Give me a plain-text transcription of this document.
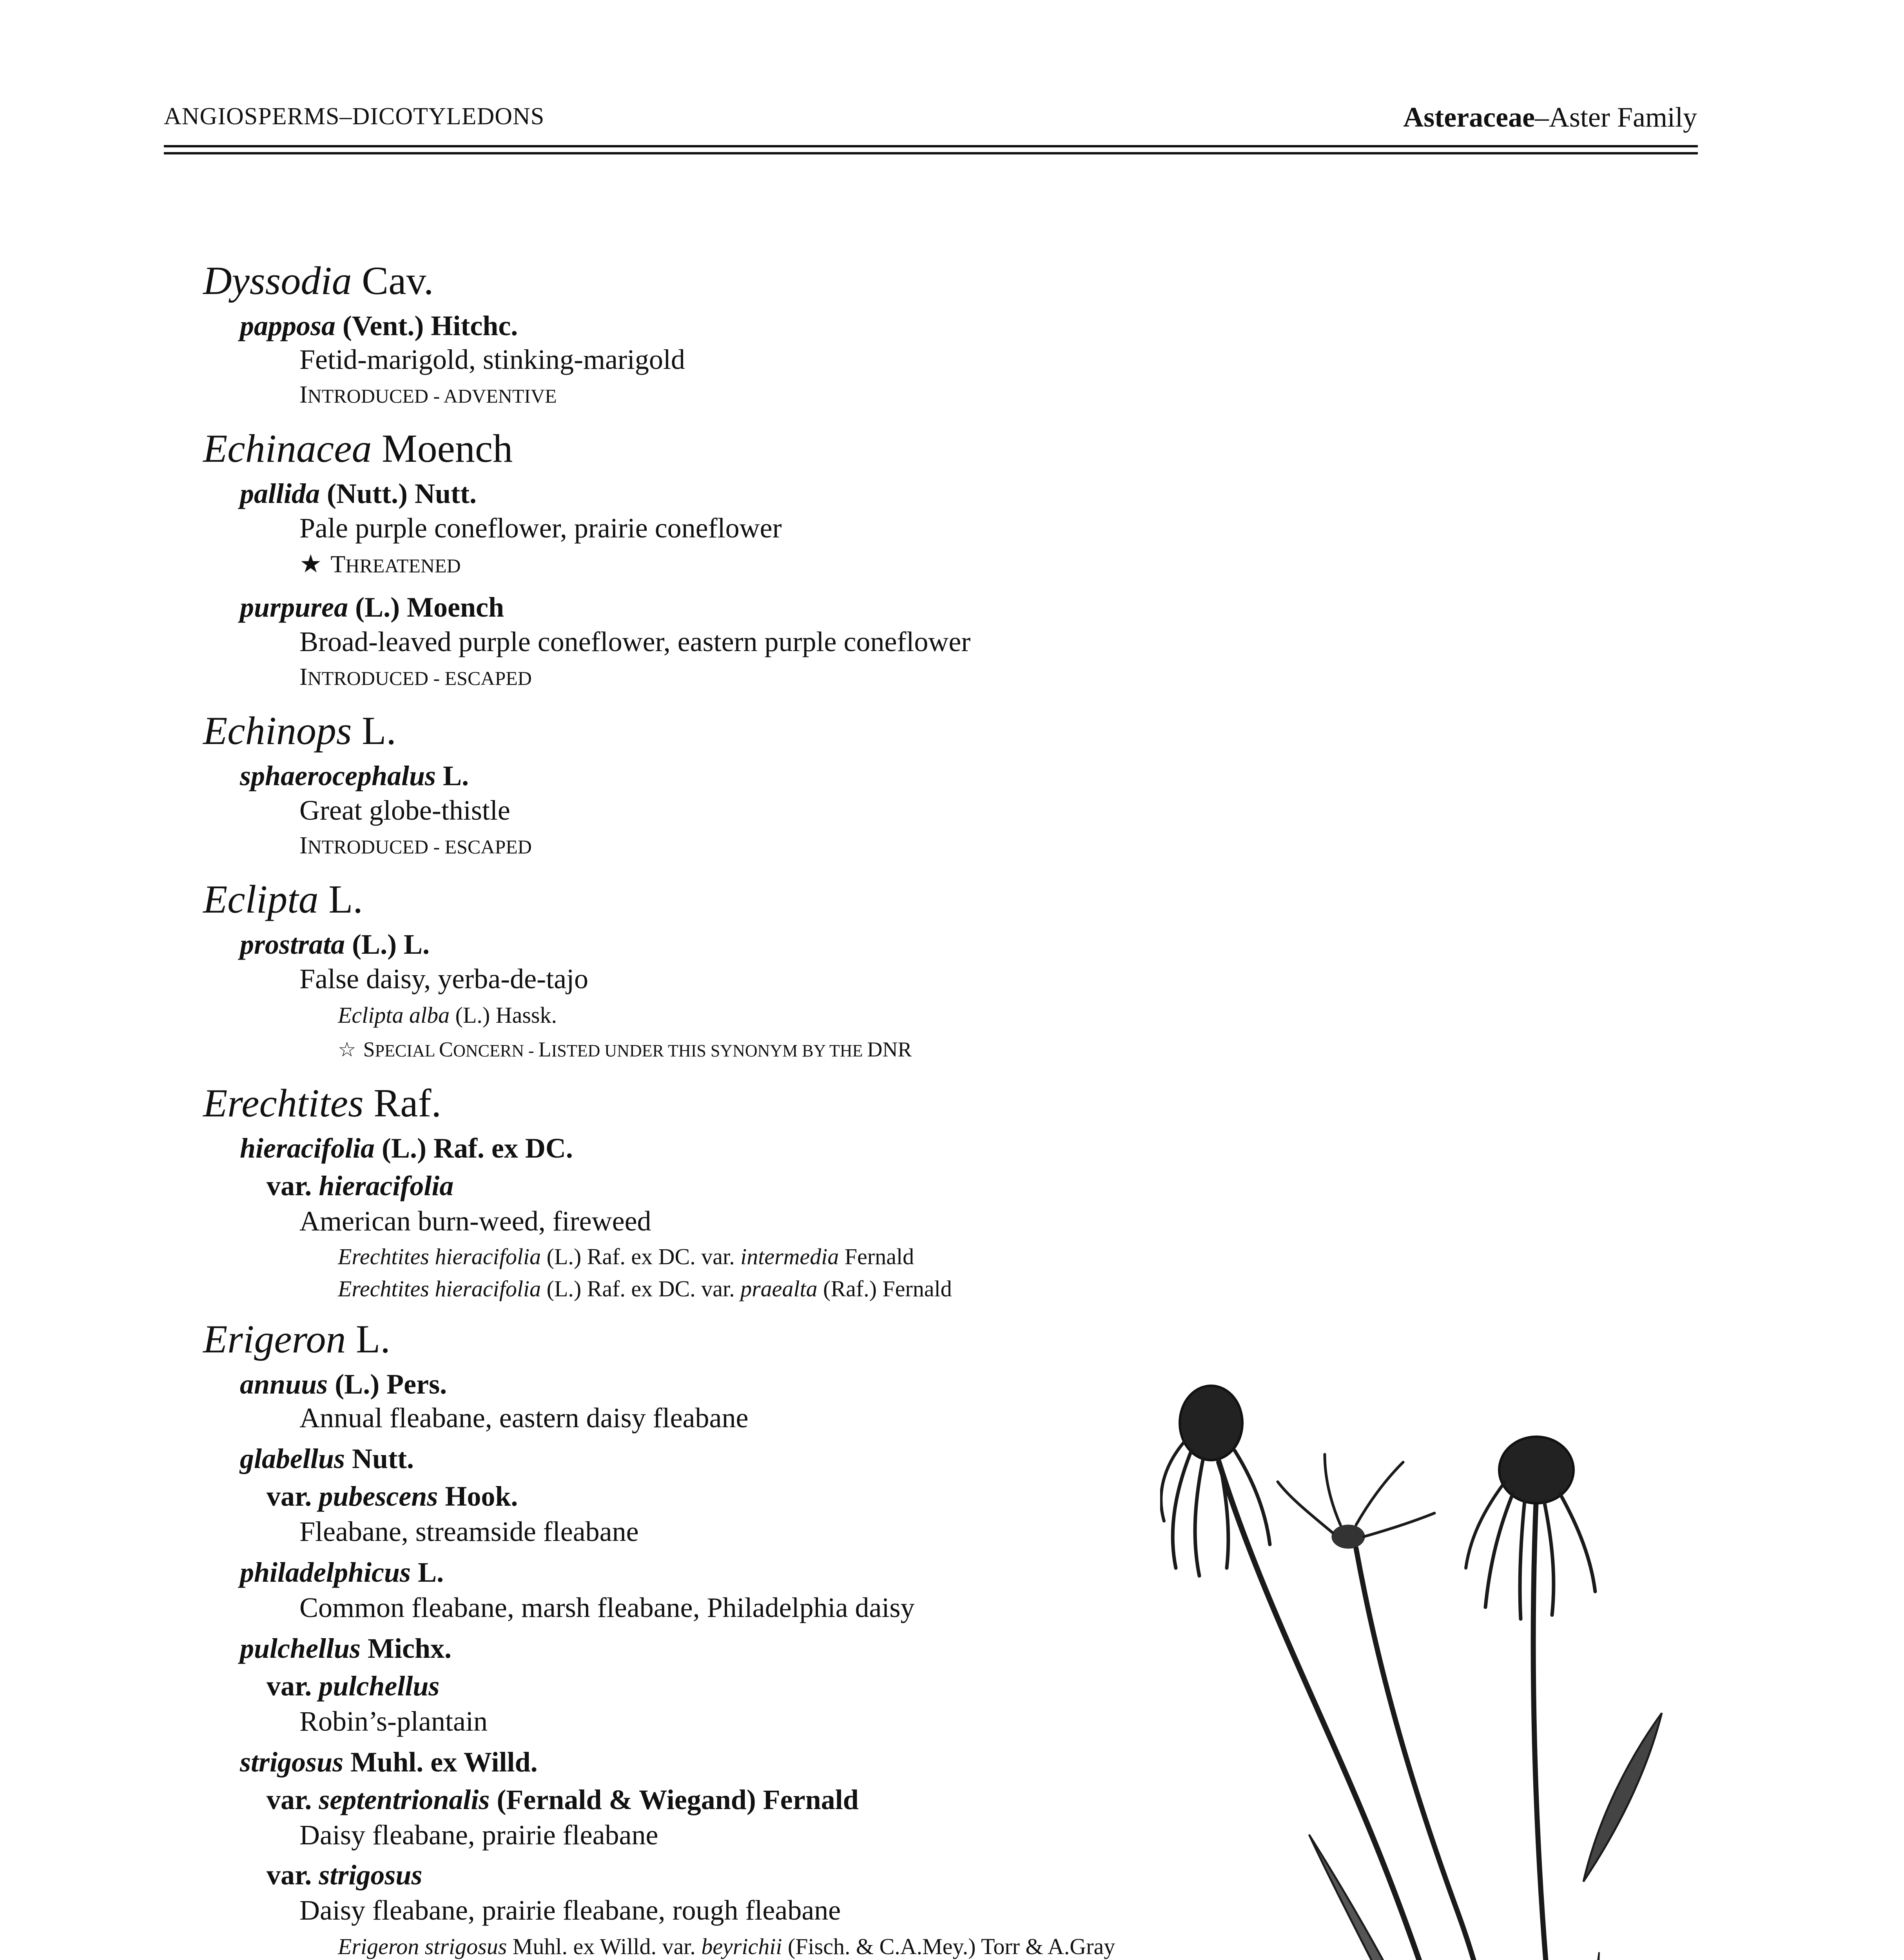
ANGIOSPERMS–DICOTYLEDONS	Asteraceae–Aster Family
Dyssodia Cav.
papposa (Vent.) Hitchc.
Fetid-marigold, stinking-marigold
INTRODUCED - ADVENTIVE
Echinacea Moench
pallida (Nutt.) Nutt.
Pale purple coneflower, prairie coneflower
★ THREATENED
purpurea (L.) Moench
Broad-leaved purple coneflower, eastern purple coneflower
INTRODUCED - ESCAPED
Echinops L.
sphaerocephalus L.
Great globe-thistle
INTRODUCED - ESCAPED
Eclipta L.
prostrata (L.) L.
False daisy, yerba-de-tajo
Eclipta alba (L.) Hassk.
☆ SPECIAL CONCERN - LISTED UNDER THIS SYNONYM BY THE DNR
Erechtites Raf.
hieracifolia (L.) Raf. ex DC.
var. hieracifolia
American burn-weed, fireweed
Erechtites hieracifolia (L.) Raf. ex DC. var. intermedia Fernald
Erechtites hieracifolia (L.) Raf. ex DC. var. praealta (Raf.) Fernald
Erigeron L.
annuus (L.) Pers.
Annual fleabane, eastern daisy fleabane
glabellus Nutt.
var. pubescens Hook.
Fleabane, streamside fleabane
philadelphicus L.
Common fleabane, marsh fleabane, Philadelphia daisy
pulchellus Michx.
var. pulchellus
Robin’s-plantain
strigosus Muhl. ex Willd.
var. septentrionalis (Fernald & Wiegand) Fernald
Daisy fleabane, prairie fleabane
var. strigosus
Daisy fleabane, prairie fleabane, rough fleabane
Erigeron strigosus Muhl. ex Willd. var. beyrichii (Fisch. & C.A.Mey.) Torr & A.Gray
